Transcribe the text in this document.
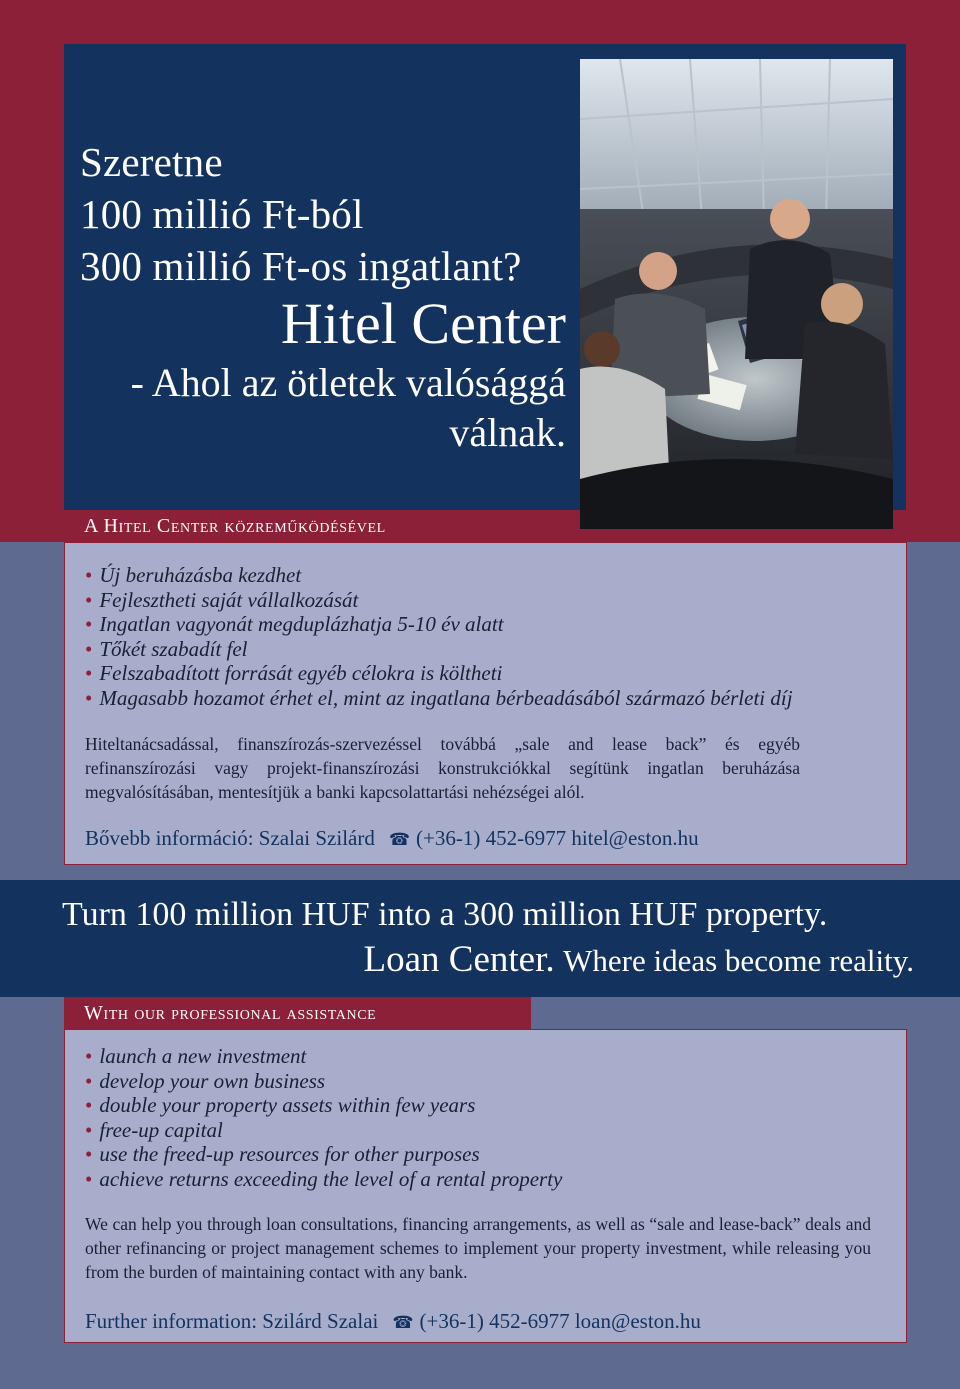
Szeretne
100 millió Ft-ból
300 millió Ft-os ingatlant?
Hitel Center
- Ahol az ötletek valósággá
válnak.
A Hitel Center közreműködésével
• Új beruházásba kezdhet
• Fejlesztheti saját vállalkozását
• Ingatlan vagyonát megduplázhatja 5-10 év alatt
• Tőkét szabadít fel
• Felszabadított forrását egyéb célokra is költheti
• Magasabb hozamot érhet el, mint az ingatlana bérbeadásából származó bérleti díj
Hiteltanácsadással, finanszírozás-szervezéssel továbbá „sale and lease back” és egyéb refinanszírozási vagy projekt-finanszírozási konstrukciókkal segítünk ingatlan beruházása megvalósításában, mentesítjük a banki kapcsolattartási nehézségei alól.
Bővebb információ: Szalai Szilárd ☎ (+36-1) 452-6977 hitel@eston.hu
Turn 100 million HUF into a 300 million HUF property.
Loan Center. Where ideas become reality.
With our professional assistance
• launch a new investment
• develop your own business
• double your property assets within few years
• free-up capital
• use the freed-up resources for other purposes
• achieve returns exceeding the level of a rental property
We can help you through loan consultations, financing arrangements, as well as “sale and lease-back” deals and other refinancing or project management schemes to implement your property investment, while releasing you from the burden of maintaining contact with any bank.
Further information: Szilárd Szalai ☎ (+36-1) 452-6977 loan@eston.hu
